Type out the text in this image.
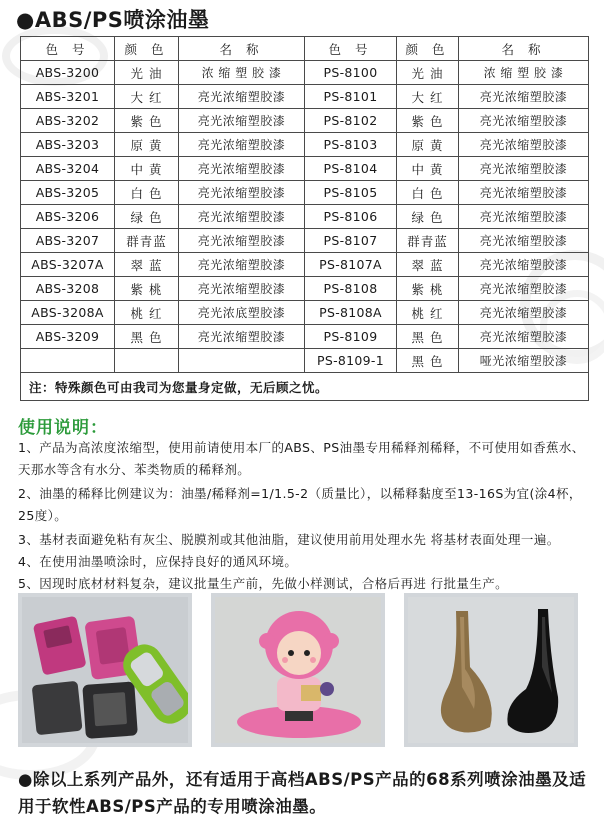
●ABS/PS喷涂油墨
色 号	颜 色	名 称	色 号	颜 色	名 称
ABS-3200	光 油	浓 缩 塑 胶 漆	PS-8100	光 油	浓 缩 塑 胶 漆
ABS-3201	大 红	亮光浓缩塑胶漆	PS-8101	大 红	亮光浓缩塑胶漆
ABS-3202	紫 色	亮光浓缩塑胶漆	PS-8102	紫 色	亮光浓缩塑胶漆
ABS-3203	原 黄	亮光浓缩塑胶漆	PS-8103	原 黄	亮光浓缩塑胶漆
ABS-3204	中 黄	亮光浓缩塑胶漆	PS-8104	中 黄	亮光浓缩塑胶漆
ABS-3205	白 色	亮光浓缩塑胶漆	PS-8105	白 色	亮光浓缩塑胶漆
ABS-3206	绿 色	亮光浓缩塑胶漆	PS-8106	绿 色	亮光浓缩塑胶漆
ABS-3207	群青蓝	亮光浓缩塑胶漆	PS-8107	群青蓝	亮光浓缩塑胶漆
ABS-3207A	翠 蓝	亮光浓缩塑胶漆	PS-8107A	翠 蓝	亮光浓缩塑胶漆
ABS-3208	紫 桃	亮光浓缩塑胶漆	PS-8108	紫 桃	亮光浓缩塑胶漆
ABS-3208A	桃 红	亮光浓底塑胶漆	PS-8108A	桃 红	亮光浓缩塑胶漆
ABS-3209	黑 色	亮光浓缩塑胶漆	PS-8109	黑 色	亮光浓缩塑胶漆
			PS-8109-1	黑 色	哑光浓缩塑胶漆
注：特殊颜色可由我司为您量身定做，无后顾之忧。					
使用说明：
1、产品为高浓度浓缩型，使用前请使用本厂的ABS、PS油墨专用稀释剂稀释，不可使用如香蕉水、天那水等含有水分、苯类物质的稀释剂。
2、油墨的稀释比例建议为：油墨/稀释剂=1/1.5-2（质量比），以稀释黏度至13-16S为宜(涂4杯，25度）。
3、基材表面避免粘有灰尘、脱膜剂或其他油脂，建议使用前用处理水先 将基材表面处理一遍。
4、在使用油墨喷涂时，应保持良好的通风环境。
5、因现时底材材料复杂，建议批量生产前，先做小样测试，合格后再进 行批量生产。
●除以上系列产品外，还有适用于高档ABS/PS产品的68系列喷涂油墨及适用于软性ABS/PS产品的专用喷涂油墨。
